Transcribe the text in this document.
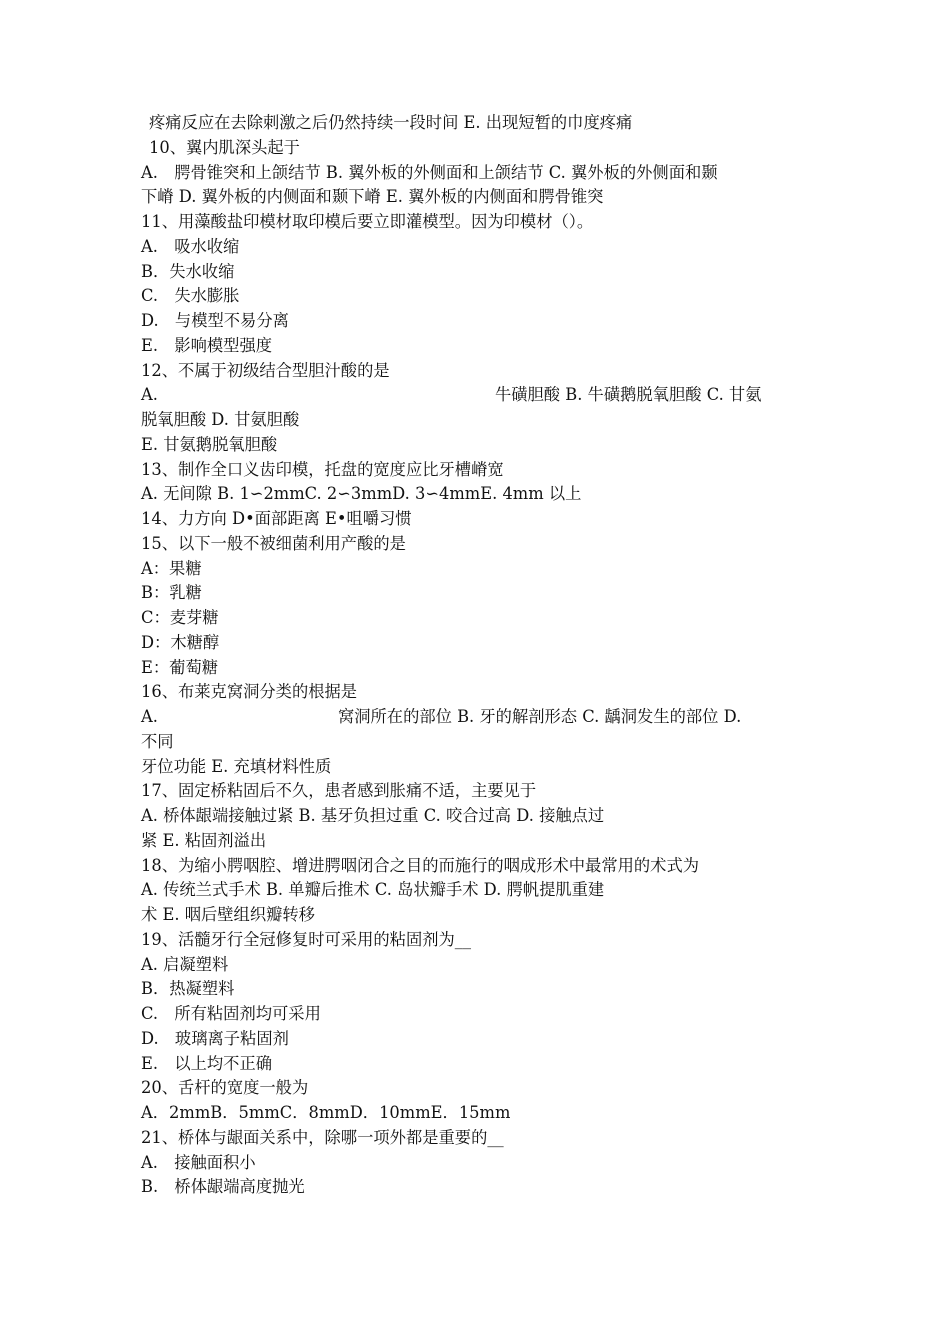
疼痛反应在去除刺激之后仍然持续一段时间 E. 出现短暂的巾度疼痛
10、翼内肌深头起于
A.　腭骨锥突和上颌结节 B. 翼外板的外侧面和上颌结节 C. 翼外板的外侧面和颞
下嵴 D. 翼外板的内侧面和颞下嵴 E. 翼外板的内侧面和腭骨锥突
11、用藻酸盐印模材取印模后要立即灌模型。因为印模材（）。
A.　吸水收缩
B．失水收缩
C.　失水膨胀
D.　与模型不易分离
E.　影响模型强度
12、不属于初级结合型胆汁酸的是
A.	牛磺胆酸 B. 牛磺鹅脱氧胆酸 C. 甘氨
脱氧胆酸 D. 甘氨胆酸
E. 甘氨鹅脱氧胆酸
13、制作全口义齿印模，托盘的宽度应比牙槽嵴宽
A. 无间隙 B. 1∽2mmC. 2∽3mmD. 3∽4mmE. 4mm 以上
14、力方向 D•面部距离 E•咀嚼习惯
15、以下一般不被细菌利用产酸的是
A：果糖
B：乳糖
C：麦芽糖
D：木糖醇
E：葡萄糖
16、布莱克窝洞分类的根据是
A.	窝洞所在的部位 B. 牙的解剖形态 C. 龋洞发生的部位 D.
不同
牙位功能 E. 充填材料性质
17、固定桥粘固后不久，患者感到胀痛不适，主要见于
A. 桥体龈端接触过紧 B. 基牙负担过重 C. 咬合过高 D. 接触点过
紧 E. 粘固剂溢出
18、为缩小腭咽腔、增进腭咽闭合之目的而施行的咽成形术中最常用的术式为
A. 传统兰式手术 B. 单瓣后推术 C. 岛状瓣手术 D. 腭帆提肌重建
术 E. 咽后壁组织瓣转移
19、活髓牙行全冠修复时可采用的粘固剂为__
A. 启凝塑料
B．热凝塑料
C.　所有粘固剂均可采用
D.　玻璃离子粘固剂
E.　以上均不正确
20、舌杆的宽度一般为
A．2mmB．5mmC．8mmD．10mmE．15mm
21、桥体与龈面关系中，除哪一项外都是重要的__
A.　接触面积小
B.　桥体龈端高度抛光
